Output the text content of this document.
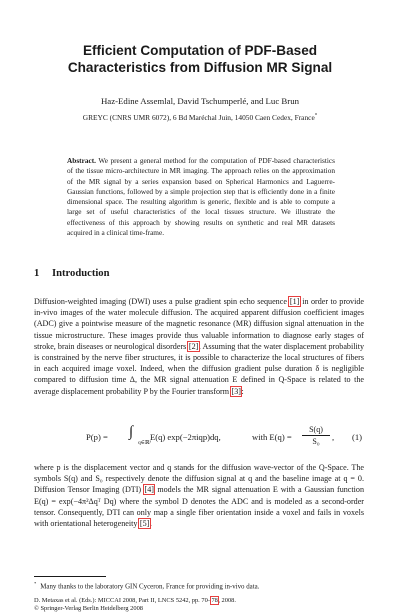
Efficient Computation of PDF-Based
Characteristics from Diffusion MR Signal

Haz-Edine Assemlal, David Tschumperlé, and Luc Brun

GREYC (CNRS UMR 6072), 6 Bd Maréchal Juin, 14050 Caen Cedex, France*

Abstract. We present a general method for the computation of PDF-based characteristics of the tissue micro-architecture in MR imaging. The approach relies on the approximation of the MR signal by a series expansion based on Spherical Harmonics and Laguerre-Gaussian functions, followed by a simple projection step that is efficiently done in a finite dimensional space. The resulting algorithm is generic, flexible and is able to compute a large set of useful characteristics of the local tissues structure. We illustrate the effectiveness of this approach by showing results on synthetic and real MR datasets acquired in a clinical time-frame.

1 Introduction

Diffusion-weighted imaging (DWI) uses a pulse gradient spin echo sequence [1] in order to provide in-vivo images of the water molecule diffusion. The acquired apparent diffusion coefficient images (ADC) give a pointwise measure of the magnetic resonance (MR) diffusion signal attenuation in the tissue microstructure. These images provide thus valuable information to diagnose early stages of stroke, brain diseases or neurological disorders [2]. Assuming that the water displacement probability is constrained by the nerve fiber structures, it is possible to characterize the local structures of fibers in each acquired image voxel. Indeed, when the diffusion gradient pulse duration δ is negligible compared to diffusion time Δ, the MR signal attenuation E defined in Q-Space is related to the average displacement probability P by the Fourier transform [3]:

P(p) = ∫
q∈ℝ³
E(q) exp(−2πiqp)dq,	with $E(q) = \frac{S(q)}{\text{S₀}}$ , (1)

where p is the displacement vector and q stands for the diffusion wave-vector of the Q-Space. The symbols S(q) and S₀ respectively denote the diffusion signal at q and the baseline image at q = 0. Diffusion Tensor Imaging (DTI) [4] models the MR signal attenuation E with a Gaussian function E(q) = exp(−4π²Δqᵀ Dq) where the symbol D denotes the ADC and is modeled as a second-order tensor. Consequently, DTI can only map a single fiber orientation inside a voxel and fails in voxels with orientational heterogeneity [5].

* Many thanks to the laboratory GIN Cyceron, France for providing in-vivo data.

D. Metaxas et al. (Eds.): MICCAI 2008, Part II, LNCS 5242, pp. 70–78, 2008.
© Springer-Verlag Berlin Heidelberg 2008
